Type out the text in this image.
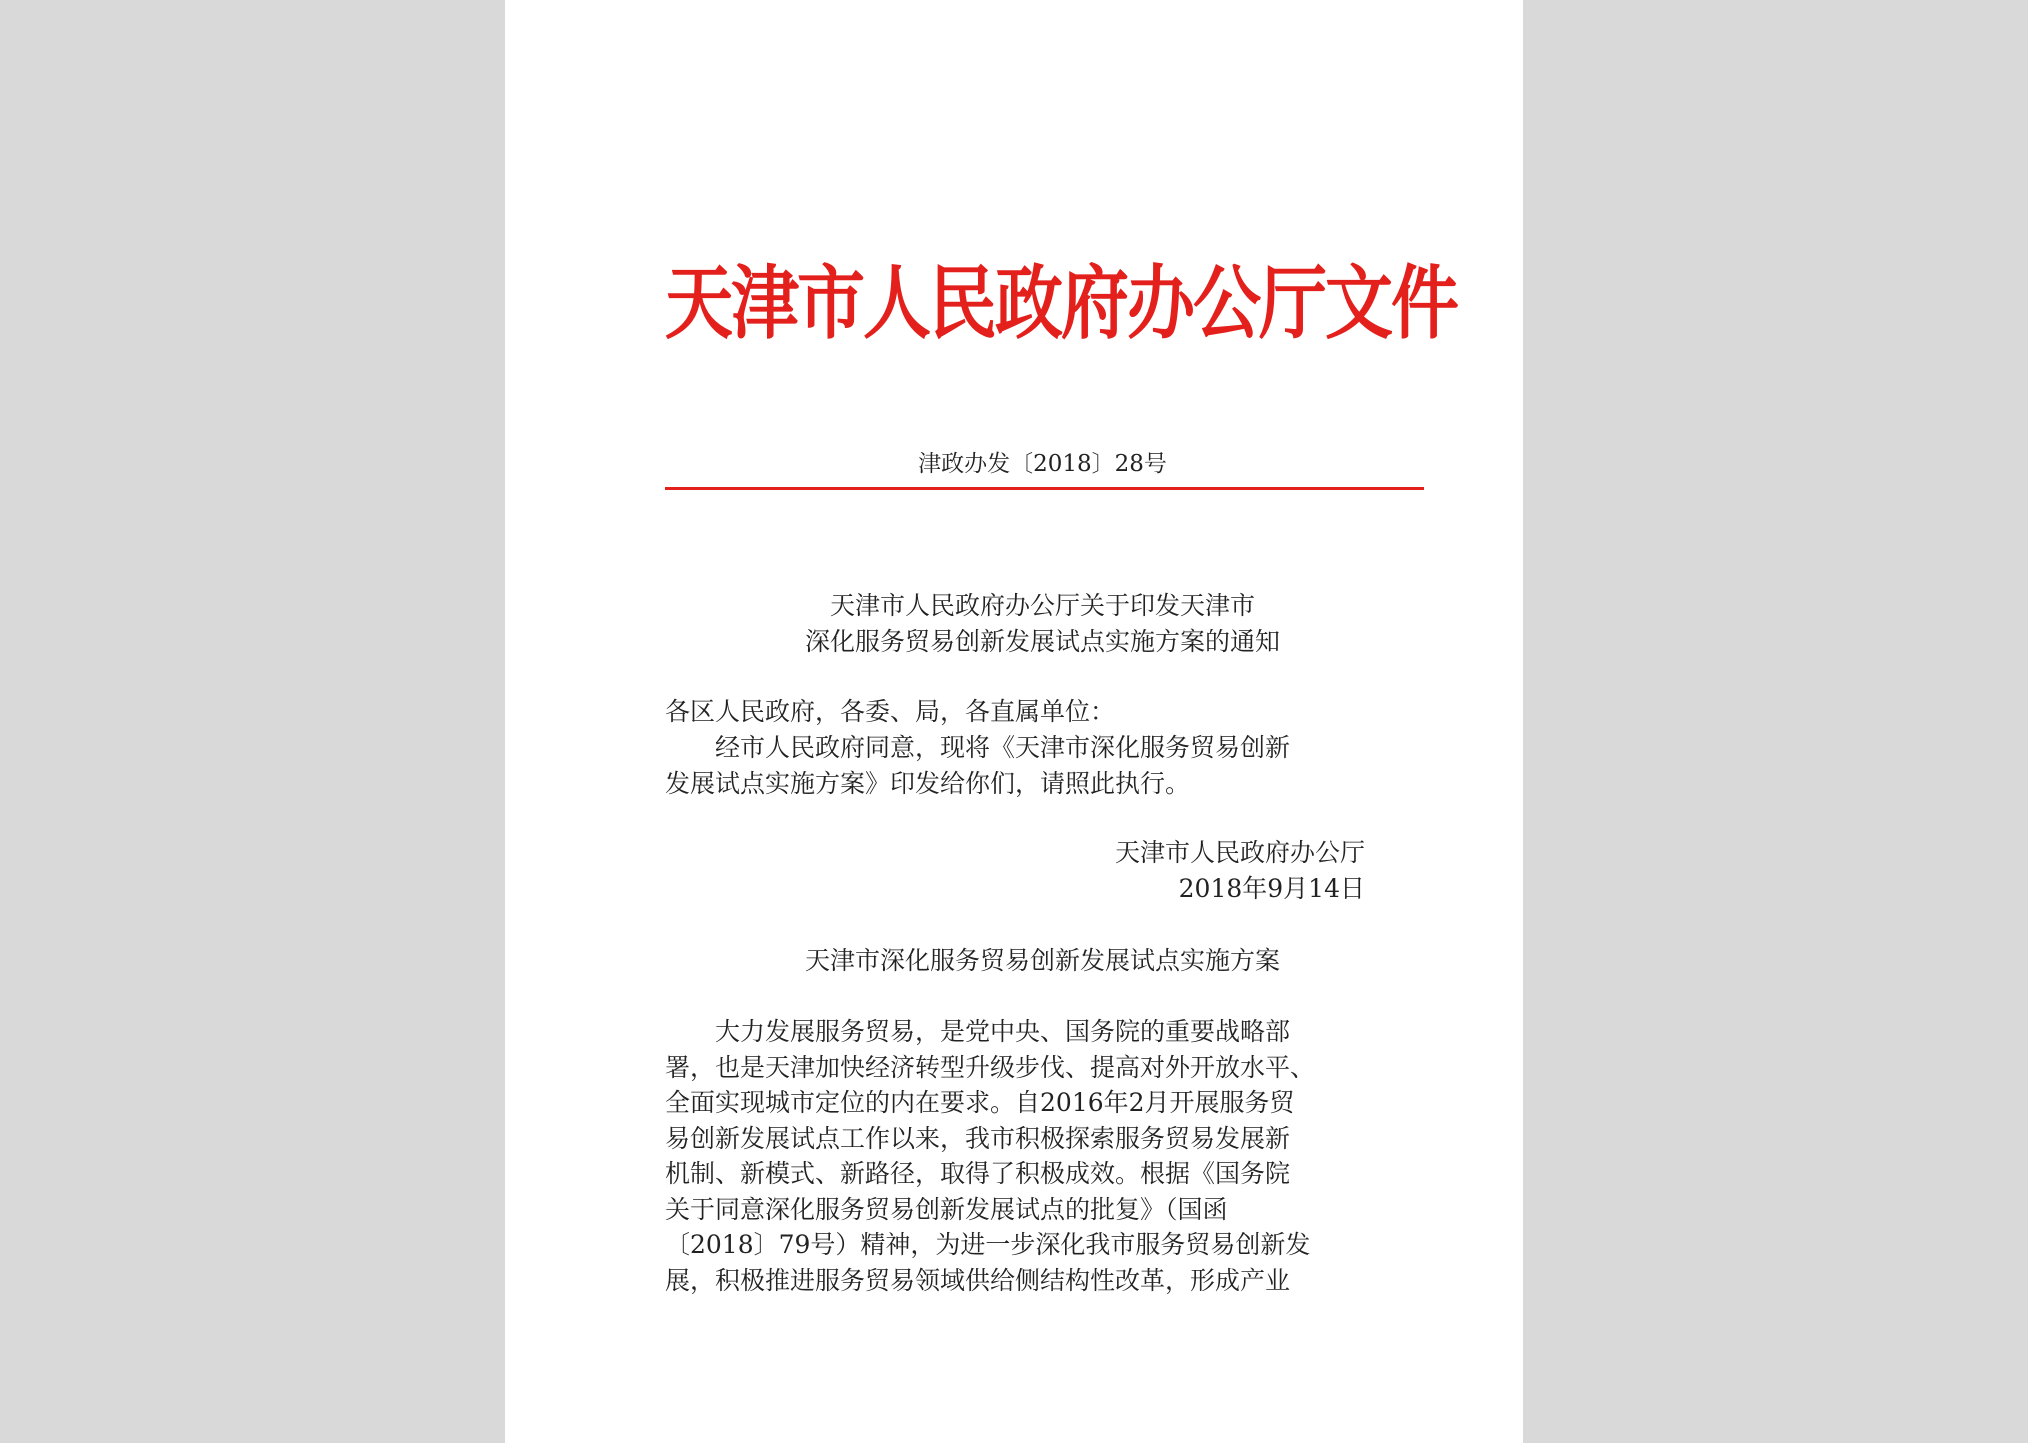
天津市人民政府办公厅文件
津政办发〔2018〕28号
天津市人民政府办公厅关于印发天津市
深化服务贸易创新发展试点实施方案的通知

各区人民政府，各委、局，各直属单位：

经市人民政府同意，现将《天津市深化服务贸易创新

发展试点实施方案》印发给你们，请照此执行。

天津市人民政府办公厅
2018年9月14日
天津市深化服务贸易创新发展试点实施方案
大力发展服务贸易，是党中央、国务院的重要战略部
署，也是天津加快经济转型升级步伐、提高对外开放水平、
全面实现城市定位的内在要求。自2016年2月开展服务贸
易创新发展试点工作以来，我市积极探索服务贸易发展新
机制、新模式、新路径，取得了积极成效。根据《国务院
关于同意深化服务贸易创新发展试点的批复》（国函
〔2018〕79号）精神，为进一步深化我市服务贸易创新发
展，积极推进服务贸易领域供给侧结构性改革，形成产业
